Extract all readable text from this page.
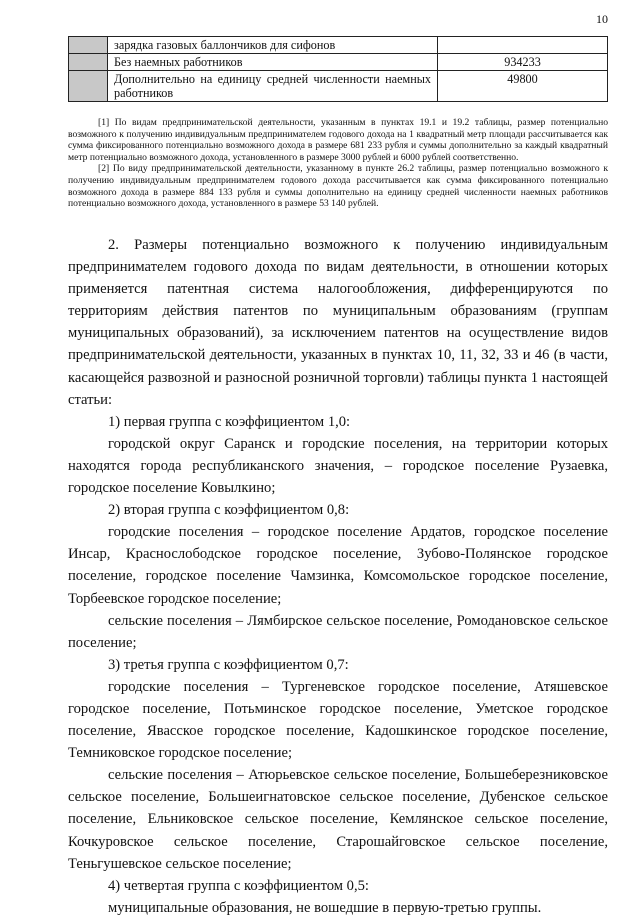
10
	зарядка газовых баллончиков для сифонов	
	Без наемных работников	934233
	Дополнительно на единицу средней численности наемных работников	49800

[1] По видам предпринимательской деятельности, указанным в пунктах 19.1 и 19.2 таблицы, размер потенциально возможного к получению индивидуальным предпринимателем годового дохода на 1 квадратный метр площади рассчитывается как сумма фиксированного потенциально возможного дохода в размере 681 233 рубля и суммы дополнительно за каждый квадратный метр потенциально возможного дохода, установленного в размере 3000 рублей и 6000 рублей соответственно.

[2] По виду предпринимательской деятельности, указанному в пункте 26.2 таблицы, размер потенциально возможного к получению индивидуальным предпринимателем годового дохода рассчитывается как сумма фиксированного потенциально возможного дохода в размере 884 133 рубля и суммы дополнительно на единицу средней численности наемных работников потенциально возможного дохода, установленного в размере 53 140 рублей.

2. Размеры потенциально возможного к получению индивидуальным предпринимателем годового дохода по видам деятельности, в отношении которых применяется патентная система налогообложения, дифференцируются по территориям действия патентов по муниципальным образованиям (группам муниципальных образований), за исключением патентов на осуществление видов предпринимательской деятельности, указанных в пунктах 10, 11, 32, 33 и 46 (в части, касающейся развозной и разносной розничной торговли) таблицы пункта 1 настоящей статьи:

1) первая группа с коэффициентом 1,0:

городской округ Саранск и городские поселения, на территории которых находятся города республиканского значения, – городское поселение Рузаевка, городское поселение Ковылкино;

2) вторая группа с коэффициентом 0,8:

городские поселения – городское поселение Ардатов, городское поселение Инсар, Краснослободское городское поселение, Зубово-Полянское городское поселение, городское поселение Чамзинка, Комсомольское городское поселение, Торбеевское городское поселение;

сельские поселения – Лямбирское сельское поселение, Ромодановское сельское поселение;

3) третья группа с коэффициентом 0,7:

городские поселения – Тургеневское городское поселение, Атяшевское городское поселение, Потьминское городское поселение, Уметское городское поселение, Явасское городское поселение, Кадошкинское городское поселение, Темниковское городское поселение;

сельские поселения – Атюрьевское сельское поселение, Большеберезниковское сельское поселение, Большеигнатовское сельское поселение, Дубенское сельское поселение, Ельниковское сельское поселение, Кемлянское сельское поселение, Кочкуровское сельское поселение, Старошайговское сельское поселение, Теньгушевское сельское поселение;

4) четвертая группа с коэффициентом 0,5:

муниципальные образования, не вошедшие в первую-третью группы.
